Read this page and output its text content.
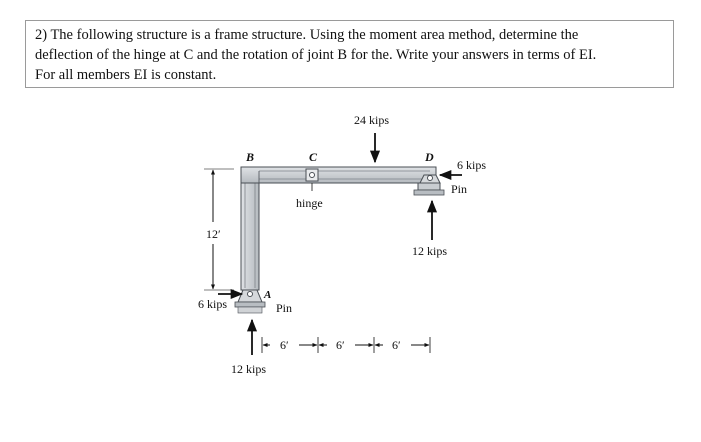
2) The following structure is a frame structure. Using the moment area method, determine the
deflection of the hinge at C and the rotation of joint B for the. Write your answers in terms of EI.
For all members EI is constant.

B	C	D
A
24 kips
6 kips
Pin
hinge
12 kips
12′
6 kips	Pin
12 kips
6′	6′	6′
